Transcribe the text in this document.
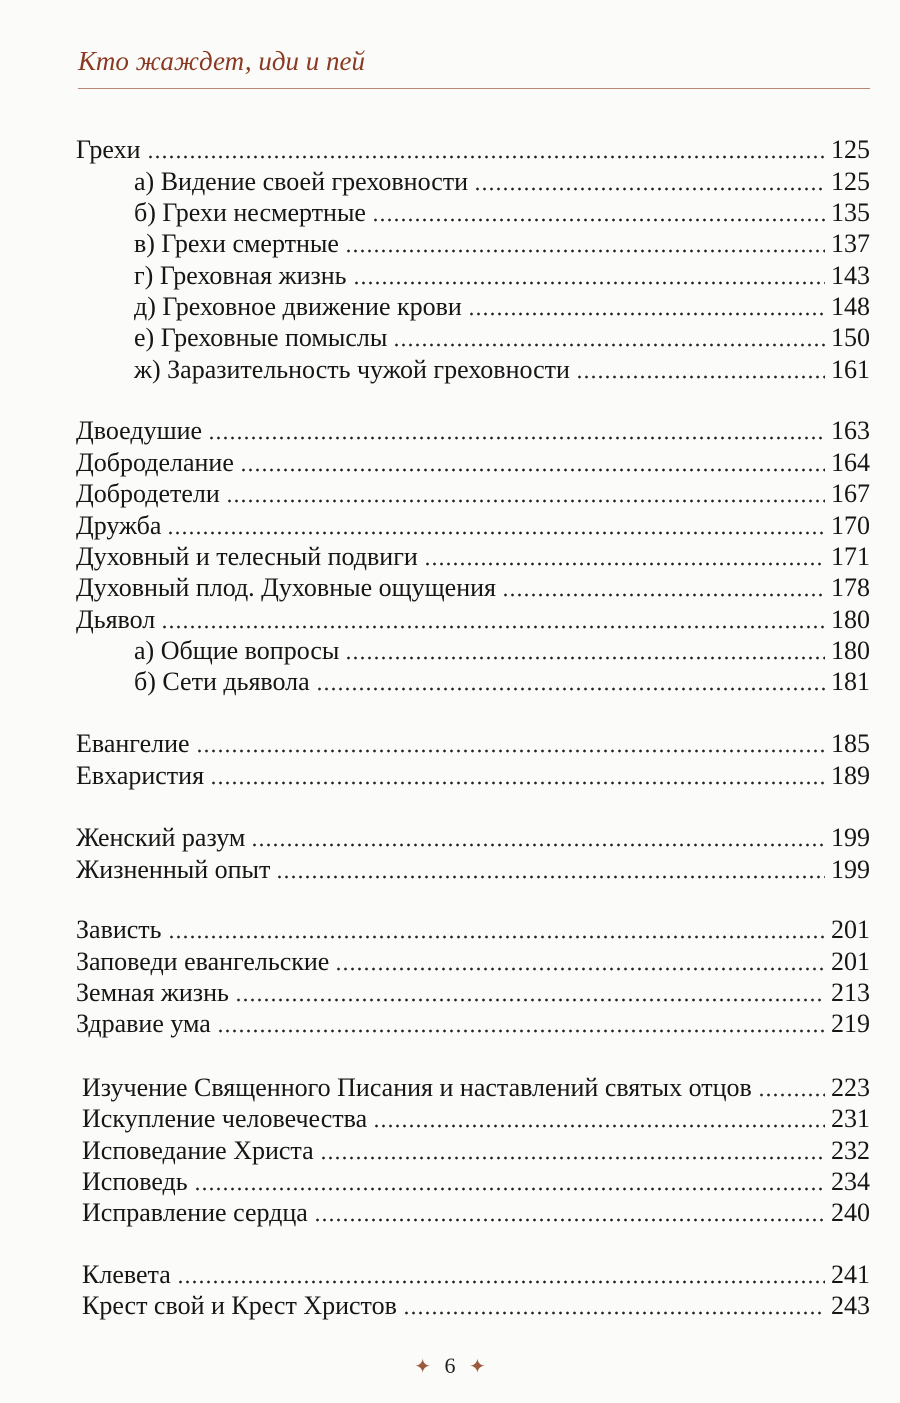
Кто жаждет, иди и пей
Грехи	125
а) Видение своей греховности	125
б) Грехи несмертные	135
в) Грехи смертные	137
г) Греховная жизнь	143
д) Греховное движение крови	148
е) Греховные помыслы	150
ж) Заразительность чужой греховности	161
Двоедушие	163
Доброделание	164
Добродетели	167
Дружба	170
Духовный и телесный подвиги	171
Духовный плод. Духовные ощущения	178
Дьявол	180
а) Общие вопросы	180
б) Сети дьявола	181
Евангелие	185
Евхаристия	189
Женский разум	199
Жизненный опыт	199
Зависть	201
Заповеди евангельские	201
Земная жизнь	213
Здравие ума	219
Изучение Священного Писания и наставлений святых отцов	223
Искупление человечества	231
Исповедание Христа	232
Исповедь	234
Исправление сердца	240
Клевета	241
Крест свой и Крест Христов	243
✦ 6 ✦
